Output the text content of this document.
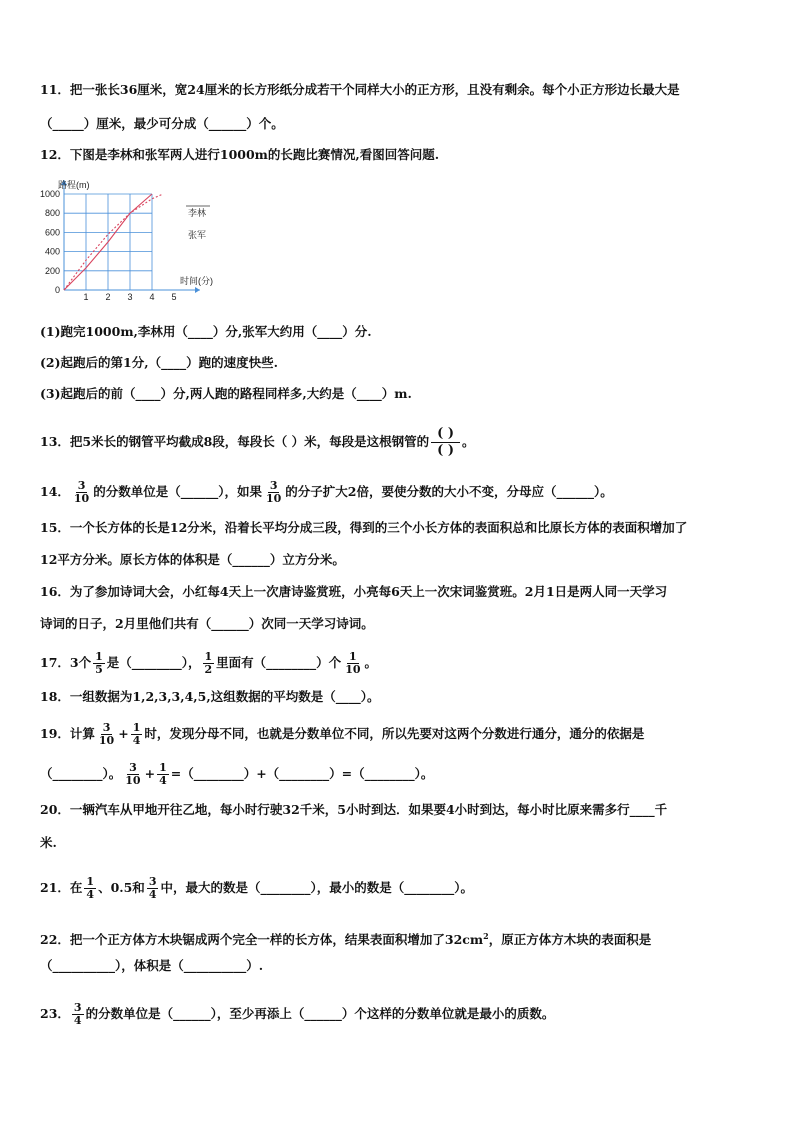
11．把一张长36厘米，宽24厘米的长方形纸分成若干个同样大小的正方形，且没有剩余。每个小正方形边长最大是
（_____）厘米，最少可分成（______）个。
12．下图是李林和张军两人进行1000m的长跑比赛情况,看图回答问题.
1 2 3 4 5
0
200
400
600
800
1000
路程(m)
时间(分)
李林
张军
(1)跑完1000m,李林用（____）分,张军大约用（____）分.
(2)起跑后的第1分,（____）跑的速度快些.
(3)起跑后的前（____）分,两人跑的路程同样多,大约是（____）m.
13．把5米长的钢管平均截成8段，每段长（ ）米，每段是这根钢管的 $\frac{( )}{( )}$ 。
14． $\frac{3}{10}$ 的分数单位是（______），如果 $\frac{3}{10}$ 的分子扩大2倍，要使分数的大小不变，分母应（______）。
15．一个长方体的长是12分米，沿着长平均分成三段，得到的三个小长方体的表面积总和比原长方体的表面积增加了
12平方分米。原长方体的体积是（______）立方分米。
16．为了参加诗词大会，小红每4天上一次唐诗鉴赏班，小亮每6天上一次宋词鉴赏班。2月1日是两人同一天学习
诗词的日子，2月里他们共有（______）次同一天学习诗词。
17．3个 $\frac{1}{5}$ 是（________）， $\frac{1}{2}$ 里面有（________）个 $\frac{1}{10}$ 。
18．一组数据为1,2,3,3,4,5,这组数据的平均数是（____）。
19．计算 $\frac{3}{10} + \frac{1}{4}$ 时，发现分母不同，也就是分数单位不同，所以先要对这两个分数进行通分，通分的依据是
（________）。 $\frac{3}{10} + \frac{1}{4}$ =（________）+（________）=（________）。
20．一辆汽车从甲地开往乙地，每小时行驶32千米，5小时到达．如果要4小时到达，每小时比原来需多行____千
米.
21．在 $\frac{1}{4}$ 、0.5和 $\frac{3}{4}$ 中，最大的数是（________），最小的数是（________）。
22．把一个正方体方木块锯成两个完全一样的长方体，结果表面积增加了$32cm^2$，原正方体方木块的表面积是
（__________），体积是（__________）.
23． $\frac{3}{4}$ 的分数单位是（______），至少再添上（______）个这样的分数单位就是最小的质数。
